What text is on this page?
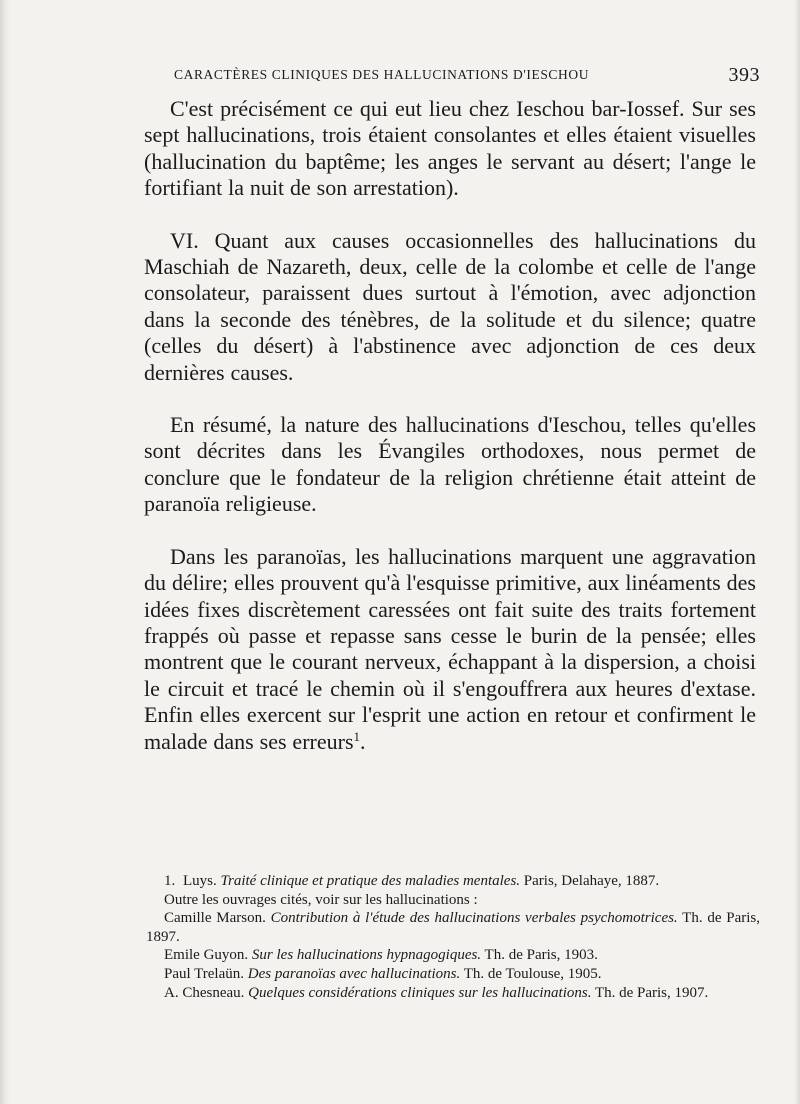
CARACTÈRES CLINIQUES DES HALLUCINATIONS D'IESCHOU	393

C'est précisément ce qui eut lieu chez Ieschou bar-Iossef. Sur ses sept hallucinations, trois étaient consolantes et elles étaient visuelles (hallucination du baptême; les anges le servant au désert; l'ange le fortifiant la nuit de son arrestation).

VI. Quant aux causes occasionnelles des hallucinations du Maschiah de Nazareth, deux, celle de la colombe et celle de l'ange consolateur, paraissent dues surtout à l'émotion, avec adjonction dans la seconde des ténèbres, de la solitude et du silence; quatre (celles du désert) à l'abstinence avec adjonction de ces deux dernières causes.

En résumé, la nature des hallucinations d'Ieschou, telles qu'elles sont décrites dans les Évangiles orthodoxes, nous permet de conclure que le fondateur de la religion chrétienne était atteint de paranoïa religieuse.

Dans les paranoïas, les hallucinations marquent une aggravation du délire; elles prouvent qu'à l'esquisse primitive, aux linéaments des idées fixes discrètement caressées ont fait suite des traits fortement frappés où passe et repasse sans cesse le burin de la pensée; elles montrent que le courant nerveux, échappant à la dispersion, a choisi le circuit et tracé le chemin où il s'engouffrera aux heures d'extase. Enfin elles exercent sur l'esprit une action en retour et confirment le malade dans ses erreurs$^1$.

1. Luys. Traité clinique et pratique des maladies mentales. Paris, Delahaye, 1887.

Outre les ouvrages cités, voir sur les hallucinations :

Camille Marson. Contribution à l'étude des hallucinations verbales psychomotrices. Th. de Paris, 1897.

Emile Guyon. Sur les hallucinations hypnagogiques. Th. de Paris, 1903.

Paul Trelaün. Des paranoïas avec hallucinations. Th. de Toulouse, 1905.

A. Chesneau. Quelques considérations cliniques sur les hallucinations. Th. de Paris, 1907.
